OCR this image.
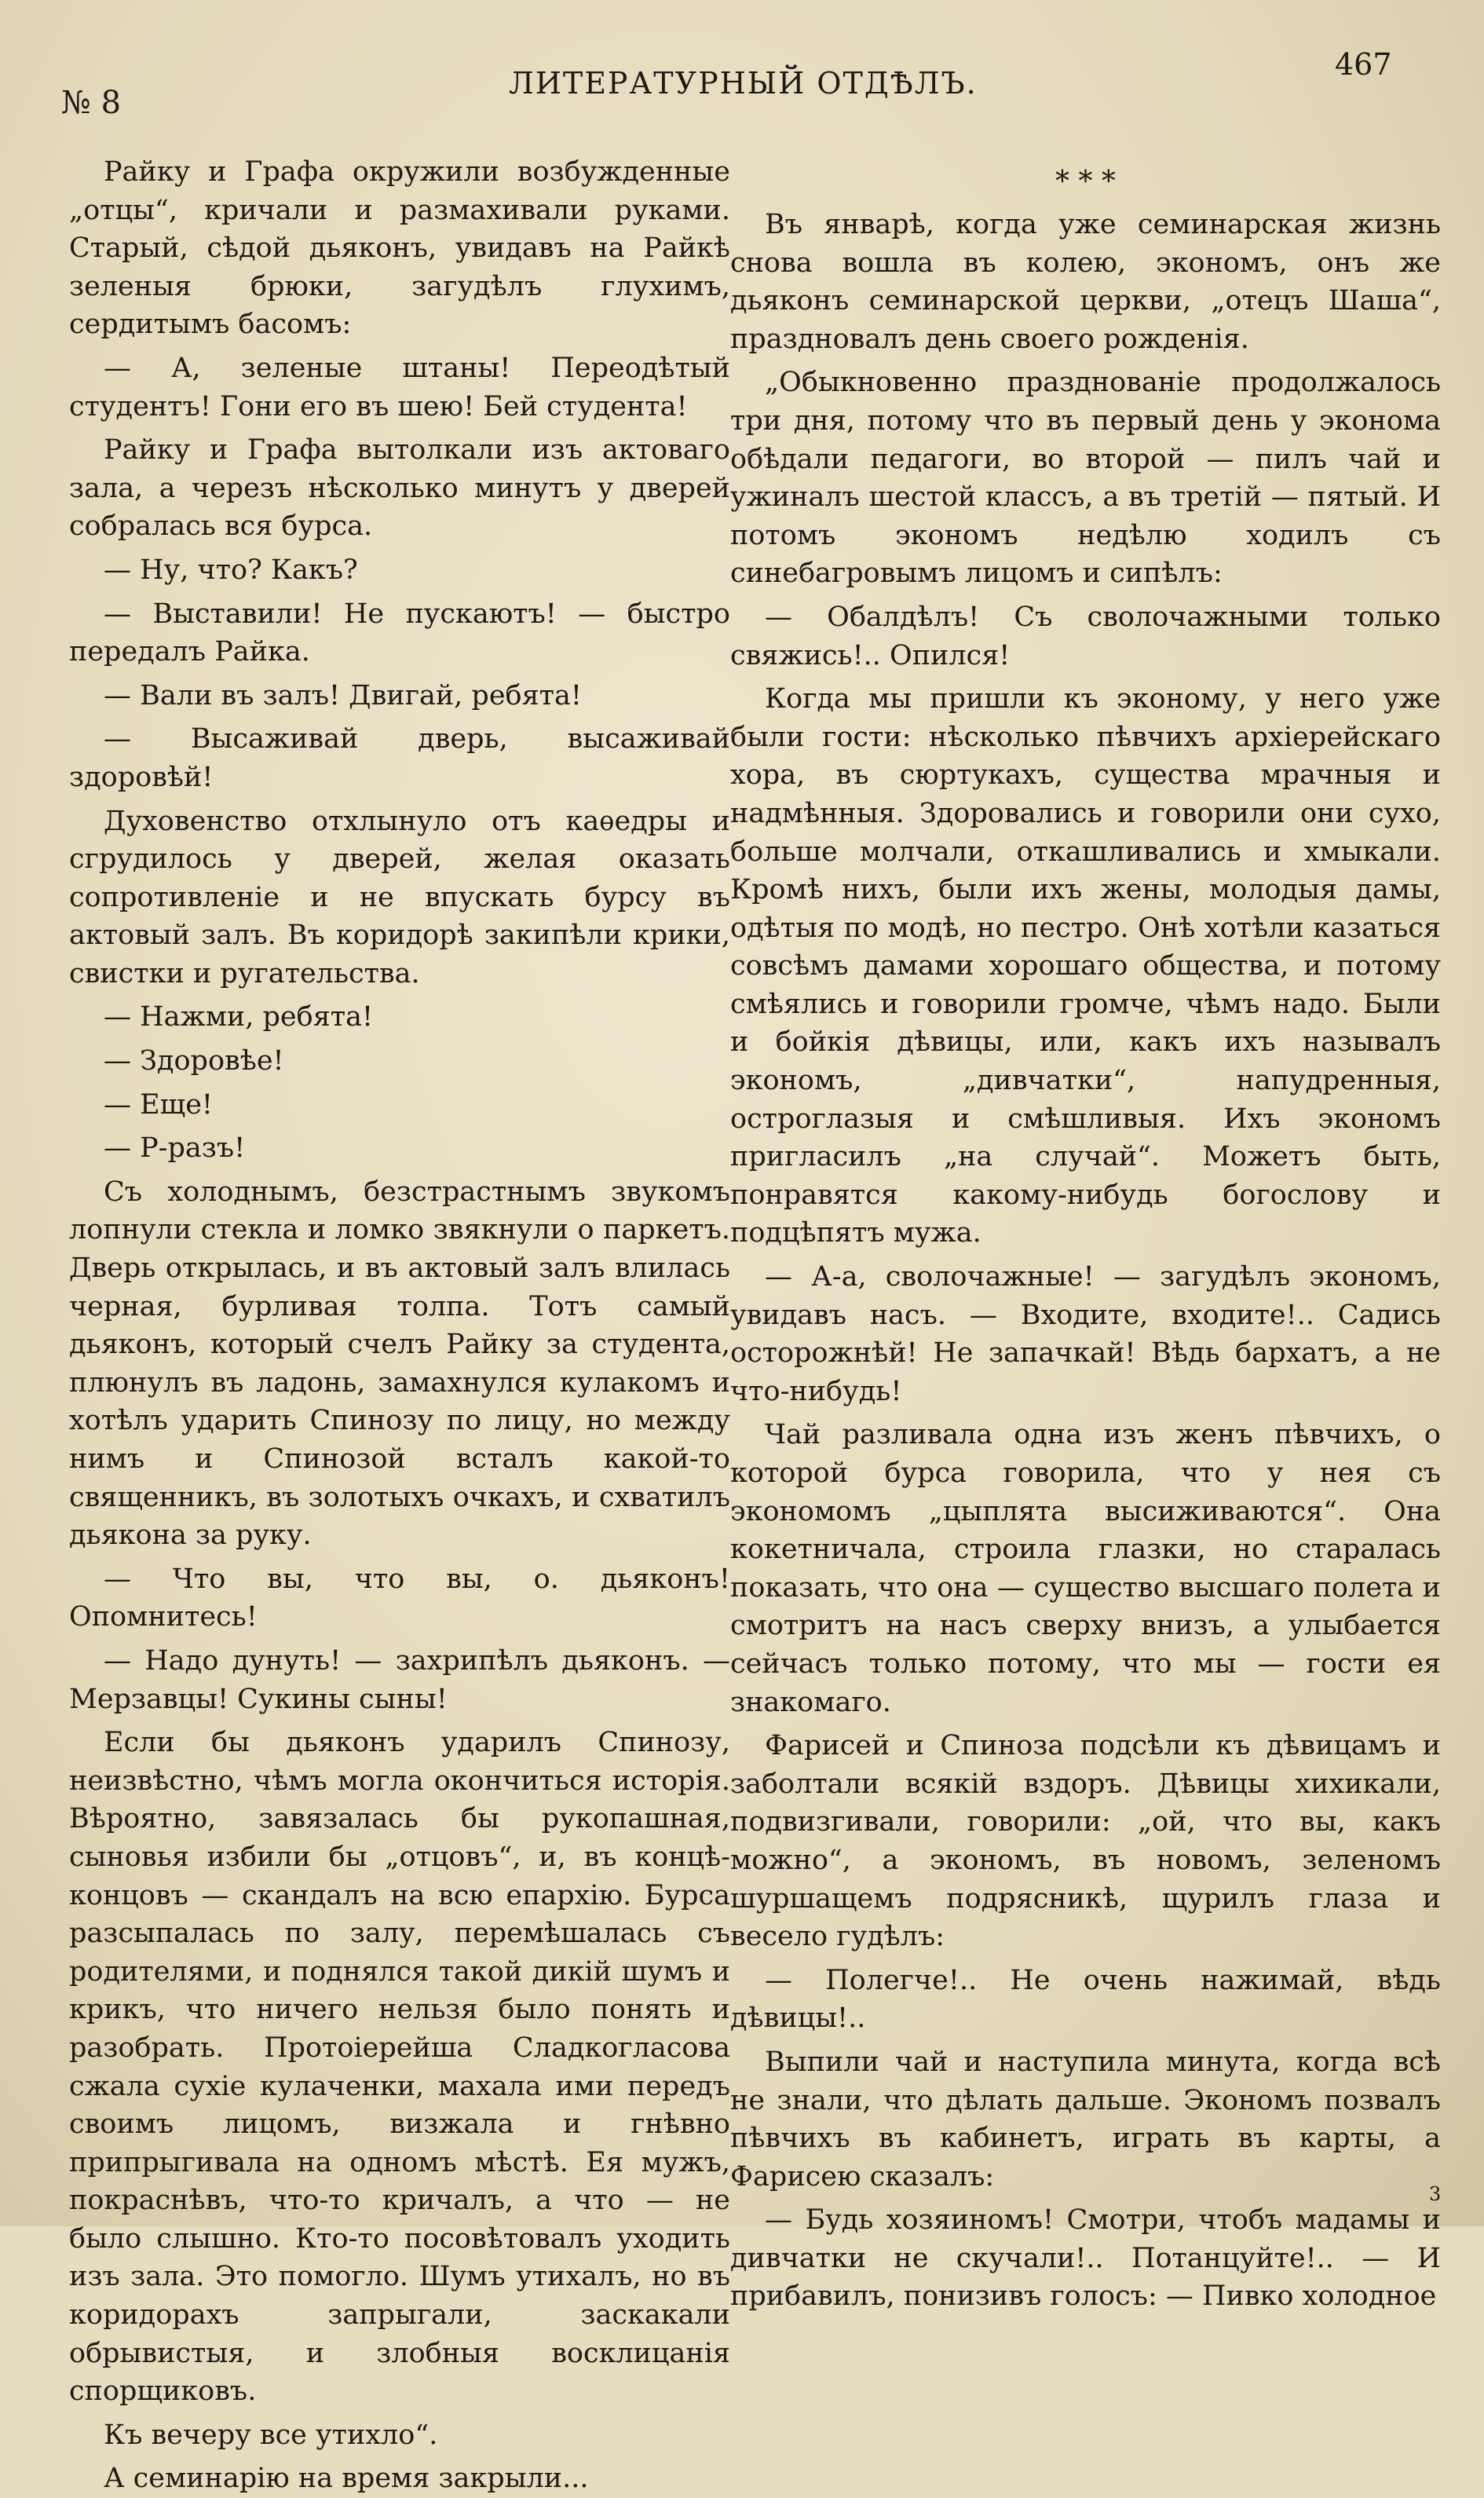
№ 8
ЛИТЕРАТУРНЫЙ ОТДѢЛЪ.
467

Райку и Графа окружили возбужденные „отцы“, кричали и размахивали руками. Старый, сѣдой дьяконъ, увидавъ на Райкѣ зеленыя брюки, загудѣлъ глухимъ, сердитымъ басомъ:

— А, зеленые штаны! Переодѣтый студентъ! Гони его въ шею! Бей студента!

Райку и Графа вытолкали изъ актоваго зала, а черезъ нѣсколько минутъ у дверей собралась вся бурса.

— Ну, что? Какъ?

— Выставили! Не пускаютъ! — быстро передалъ Райка.

— Вали въ залъ! Двигай, ребята!

— Высаживай дверь, высаживай здоровѣй!

Духовенство отхлынуло отъ каѳедры и сгрудилось у дверей, желая оказать сопротивленіе и не впускать бурсу въ актовый залъ. Въ коридорѣ закипѣли крики, свистки и ругательства.

— Нажми, ребята!

— Здоровѣе!

— Еще!

— Р-разъ!

Съ холоднымъ, безстрастнымъ звукомъ лопнули стекла и ломко звякнули о паркетъ. Дверь открылась, и въ актовый залъ влилась черная, бурливая толпа. Тотъ самый дьяконъ, который счелъ Райку за студента, плюнулъ въ ладонь, замахнулся кулакомъ и хотѣлъ ударить Спинозу по лицу, но между нимъ и Спинозой всталъ какой-то священникъ, въ золотыхъ очкахъ, и схватилъ дьякона за руку.

— Что вы, что вы, о. дьяконъ! Опомнитесь!

— Надо дунуть! — захрипѣлъ дьяконъ. — Мерзавцы! Сукины сыны!

Если бы дьяконъ ударилъ Спинозу, неизвѣстно, чѣмъ могла окончиться исторія. Вѣроятно, завязалась бы рукопашная, сыновья избили бы „отцовъ“, и, въ концѣ-концовъ — скандалъ на всю епархію. Бурса разсыпалась по залу, перемѣшалась съ родителями, и поднялся такой дикій шумъ и крикъ, что ничего нельзя было понять и разобрать. Протоіерейша Сладкогласова сжала сухіе кулаченки, махала ими передъ своимъ лицомъ, визжала и гнѣвно припрыгивала на одномъ мѣстѣ. Ея мужъ, покраснѣвъ, что-то кричалъ, а что — не было слышно. Кто-то посовѣтовалъ уходить изъ зала. Это помогло. Шумъ утихалъ, но въ коридорахъ запрыгали, заскакали обрывистыя, и злобныя восклицанія спорщиковъ.

Къ вечеру все утихло“.

А семинарію на время закрыли...

* * *

Въ январѣ, когда уже семинарская жизнь снова вошла въ колею, экономъ, онъ же дьяконъ семинарской церкви, „отецъ Шаша“, праздновалъ день своего рожденія.

„Обыкновенно празднованіе продолжалось три дня, потому что въ первый день у эконома обѣдали педагоги, во второй — пилъ чай и ужиналъ шестой классъ, а въ третій — пятый. И потомъ экономъ недѣлю ходилъ съ синебагровымъ лицомъ и сипѣлъ:

— Обалдѣлъ! Съ сволочажными только свяжись!.. Опился!

Когда мы пришли къ эконому, у него уже были гости: нѣсколько пѣвчихъ архіерейскаго хора, въ сюртукахъ, существа мрачныя и надмѣнныя. Здоровались и говорили они сухо, больше молчали, откашливались и хмыкали. Кромѣ нихъ, были ихъ жены, молодыя дамы, одѣтыя по модѣ, но пестро. Онѣ хотѣли казаться совсѣмъ дамами хорошаго общества, и потому смѣялись и говорили громче, чѣмъ надо. Были и бойкія дѣвицы, или, какъ ихъ называлъ экономъ, „дивчатки“, напудренныя, остроглазыя и смѣшливыя. Ихъ экономъ пригласилъ „на случай“. Можетъ быть, понравятся какому-нибудь богослову и подцѣпятъ мужа.

— А-а, сволочажные! — загудѣлъ экономъ, увидавъ насъ. — Входите, входите!.. Садись осторожнѣй! Не запачкай! Вѣдь бархатъ, а не что-нибудь!

Чай разливала одна изъ женъ пѣвчихъ, о которой бурса говорила, что у нея съ экономомъ „цыплята высиживаются“. Она кокетничала, строила глазки, но старалась показать, что она — существо высшаго полета и смотритъ на насъ сверху внизъ, а улыбается сейчасъ только потому, что мы — гости ея знакомаго.

Фарисей и Спиноза подсѣли къ дѣвицамъ и заболтали всякій вздоръ. Дѣвицы хихикали, подвизгивали, говорили: „ой, что вы, какъ можно“, а экономъ, въ новомъ, зеленомъ шуршащемъ подрясникѣ, щурилъ глаза и весело гудѣлъ:

— Полегче!.. Не очень нажимай, вѣдь дѣвицы!..

Выпили чай и наступила минута, когда всѣ не знали, что дѣлать дальше. Экономъ позвалъ пѣвчихъ въ кабинетъ, играть въ карты, а Фарисею сказалъ:

— Будь хозяиномъ! Смотри, чтобъ мадамы и дивчатки не скучали!.. Потанцуйте!.. — И прибавилъ, понизивъ голосъ: — Пивко холодное

3
